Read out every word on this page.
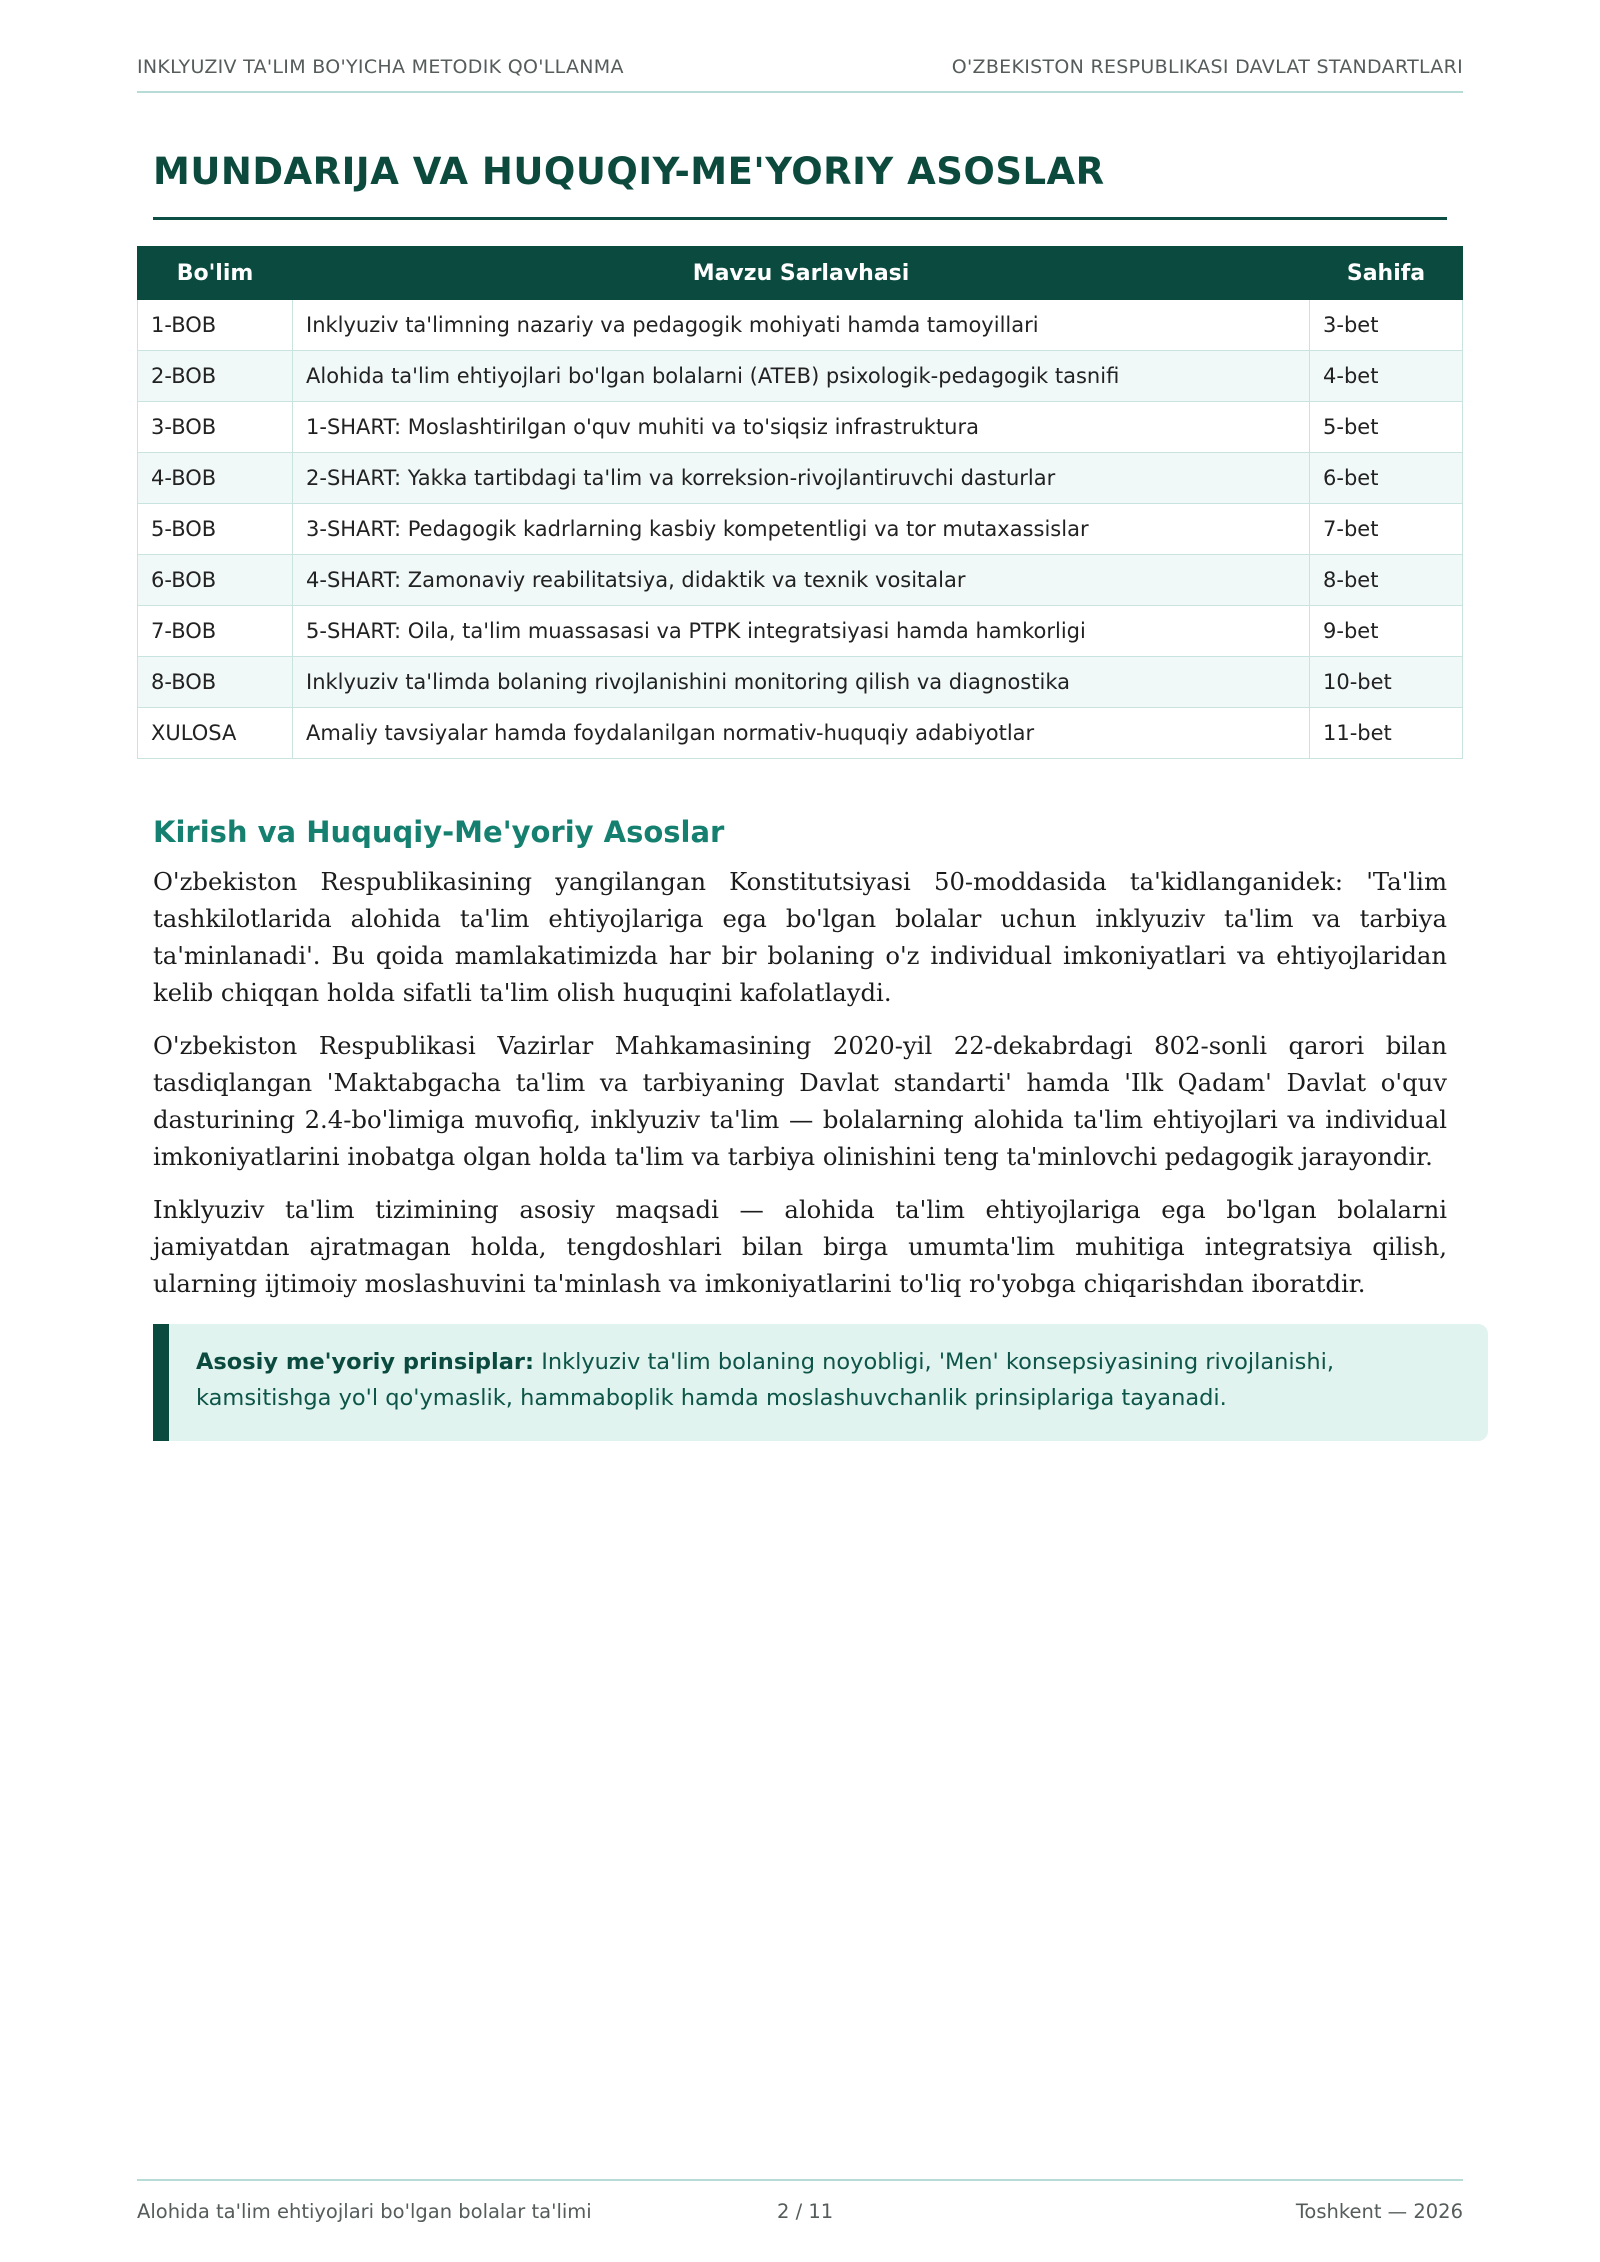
INKLYUZIV TA'LIM BO'YICHA METODIK QO'LLANMA	O'ZBEKISTON RESPUBLIKASI DAVLAT STANDARTLARI
MUNDARIJA VA HUQUQIY-ME'YORIY ASOSLAR
Bo'lim	Mavzu Sarlavhasi	Sahifa
1-BOB	Inklyuziv ta'limning nazariy va pedagogik mohiyati hamda tamoyillari	3-bet
2-BOB	Alohida ta'lim ehtiyojlari bo'lgan bolalarni (ATEB) psixologik-pedagogik tasnifi	4-bet
3-BOB	1-SHART: Moslashtirilgan o'quv muhiti va to'siqsiz infrastruktura	5-bet
4-BOB	2-SHART: Yakka tartibdagi ta'lim va korreksion-rivojlantiruvchi dasturlar	6-bet
5-BOB	3-SHART: Pedagogik kadrlarning kasbiy kompetentligi va tor mutaxassislar	7-bet
6-BOB	4-SHART: Zamonaviy reabilitatsiya, didaktik va texnik vositalar	8-bet
7-BOB	5-SHART: Oila, ta'lim muassasasi va PTPK integratsiyasi hamda hamkorligi	9-bet
8-BOB	Inklyuziv ta'limda bolaning rivojlanishini monitoring qilish va diagnostika	10-bet
XULOSA	Amaliy tavsiyalar hamda foydalanilgan normativ-huquqiy adabiyotlar	11-bet
Kirish va Huquqiy-Me'yoriy Asoslar

O'zbekiston Respublikasining yangilangan Konstitutsiyasi 50-moddasida ta'kidlanganidek: 'Ta'lim tashkilotlarida alohida ta'lim ehtiyojlariga ega bo'lgan bolalar uchun inklyuziv ta'lim va tarbiya ta'minlanadi'. Bu qoida mamlakatimizda har bir bolaning o'z individual imkoniyatlari va ehtiyojlaridan kelib chiqqan holda sifatli ta'lim olish huquqini kafolatlaydi.

O'zbekiston Respublikasi Vazirlar Mahkamasining 2020-yil 22-dekabrdagi 802-sonli qarori bilan tasdiqlangan 'Maktabgacha ta'lim va tarbiyaning Davlat standarti' hamda 'Ilk Qadam' Davlat o'quv dasturining 2.4-bo'limiga muvofiq, inklyuziv ta'lim — bolalarning alohida ta'lim ehtiyojlari va individual imkoniyatlarini inobatga olgan holda ta'lim va tarbiya olinishini teng ta'minlovchi pedagogik jarayondir.

Inklyuziv ta'lim tizimining asosiy maqsadi — alohida ta'lim ehtiyojlariga ega bo'lgan bolalarni jamiyatdan ajratmagan holda, tengdoshlari bilan birga umumta'lim muhitiga integratsiya qilish, ularning ijtimoiy moslashuvini ta'minlash va imkoniyatlarini to'liq ro'yobga chiqarishdan iboratdir.

Asosiy me'yoriy prinsiplar: Inklyuziv ta'lim bolaning noyobligi, 'Men' konsepsiyasining rivojlanishi, kamsitishga yo'l qo'ymaslik, hammaboplik hamda moslashuvchanlik prinsiplariga tayanadi.
Alohida ta'lim ehtiyojlari bo'lgan bolalar ta'limi	2 / 11	Toshkent — 2026
